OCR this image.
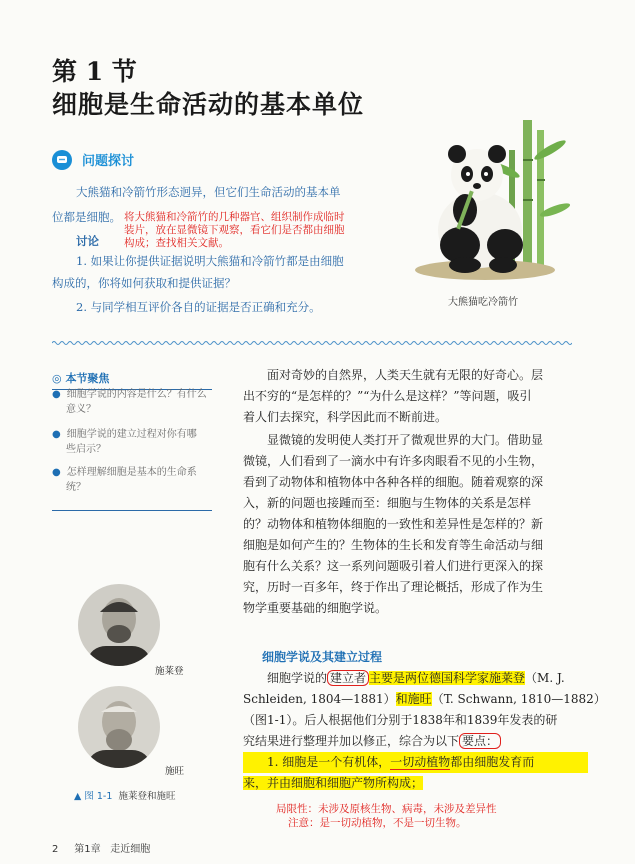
第 1 节
细胞是生命活动的基本单位
问题探讨
大熊猫和冷箭竹形态迥异，但它们生命活动的基本单
位都是细胞。
讨论
将大熊猫和冷箭竹的几种器官、组织制作成临时
装片，放在显微镜下观察，看它们是否都由细胞
构成；查找相关文献。
1. 如果让你提供证据说明大熊猫和冷箭竹都是由细胞
构成的，你将如何获取和提供证据？
2. 与同学相互评价各自的证据是否正确和充分。	大熊猫吃冷箭竹
◎ 本节聚焦
● 细胞学说的内容是什么？有什么
意义？
● 细胞学说的建立过程对你有哪
些启示？
● 怎样理解细胞是基本的生命系
统？
面对奇妙的自然界，人类天生就有无限的好奇心。层
出不穷的“是怎样的？”“为什么是这样？”等问题，吸引
着人们去探究，科学因此而不断前进。
显微镜的发明使人类打开了微观世界的大门。借助显
微镜，人们看到了一滴水中有许多肉眼看不见的小生物，
看到了动物体和植物体中各种各样的细胞。随着观察的深
入，新的问题也接踵而至：细胞与生物体的关系是怎样
的？动物体和植物体细胞的一致性和差异性是怎样的？新
细胞是如何产生的？生物体的生长和发育等生命活动与细
胞有什么关系？这一系列问题吸引着人们进行更深入的探
究，历时一百多年，终于作出了理论概括，形成了作为生
物学重要基础的细胞学说。
细胞学说及其建立过程
细胞学说的 建立者 主要是两位德国科学家施莱登（M. J.
Schleiden, 1804—1881）和施旺（T. Schwann, 1810—1882）
（图1-1）。后人根据他们分别于1838年和1839年发表的研
究结果进行整理并加以修正，综合为以下 要点：
1. 细胞是一个有机体，一切动植物都由细胞发育而
来，并由细胞和细胞产物所构成；
局限性：未涉及原核生物、病毒，未涉及差异性
注意：是一切动植物，不是一切生物。
施莱登
施旺
▲ 图 1-1 施莱登和施旺
2 第1章 走近细胞
